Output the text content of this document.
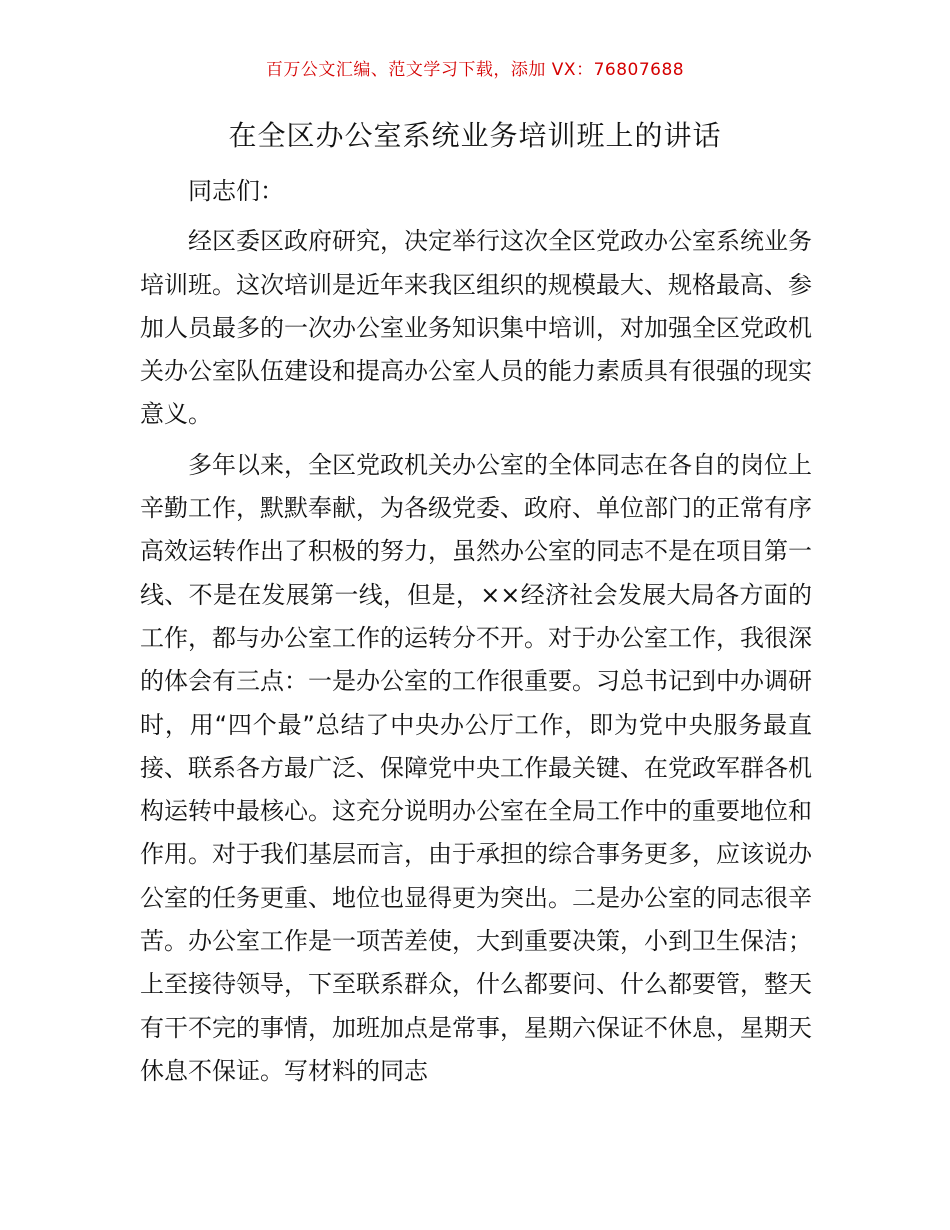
百万公文汇编、范文学习下载，添加 VX：76807688
在全区办公室系统业务培训班上的讲话

同志们：

经区委区政府研究，决定举行这次全区党政办公室系统业务培训班。这次培训是近年来我区组织的规模最大、规格最高、参加人员最多的一次办公室业务知识集中培训，对加强全区党政机关办公室队伍建设和提高办公室人员的能力素质具有很强的现实意义。

多年以来，全区党政机关办公室的全体同志在各自的岗位上辛勤工作，默默奉献，为各级党委、政府、单位部门的正常有序高效运转作出了积极的努力，虽然办公室的同志不是在项目第一线、不是在发展第一线，但是，××经济社会发展大局各方面的工作，都与办公室工作的运转分不开。对于办公室工作，我很深的体会有三点：一是办公室的工作很重要。习总书记到中办调研时，用“四个最”总结了中央办公厅工作，即为党中央服务最直接、联系各方最广泛、保障党中央工作最关键、在党政军群各机构运转中最核心。这充分说明办公室在全局工作中的重要地位和作用。对于我们基层而言，由于承担的综合事务更多，应该说办公室的任务更重、地位也显得更为突出。二是办公室的同志很辛苦。办公室工作是一项苦差使，大到重要决策，小到卫生保洁；上至接待领导，下至联系群众，什么都要问、什么都要管，整天有干不完的事情，加班加点是常事，星期六保证不休息，星期天休息不保证。写材料的同志
